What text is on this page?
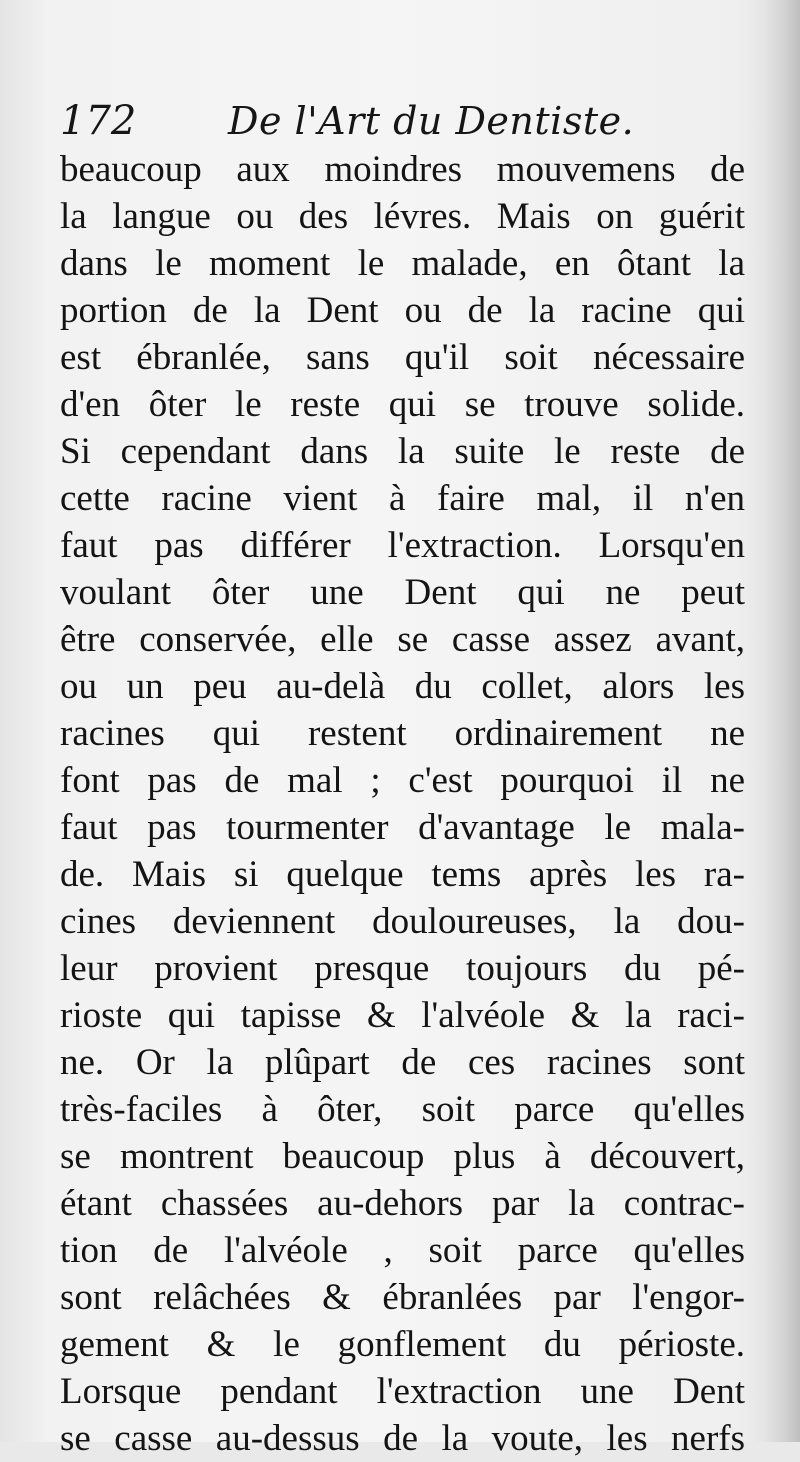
172 De l'Art du Dentiste.
beaucoup aux moindres mouvemens de
la langue ou des lévres. Mais on guérit
dans le moment le malade, en ôtant la
portion de la Dent ou de la racine qui
est ébranlée, sans qu'il soit nécessaire
d'en ôter le reste qui se trouve solide.
Si cependant dans la suite le reste de
cette racine vient à faire mal, il n'en
faut pas différer l'extraction. Lorsqu'en
voulant ôter une Dent qui ne peut
être conservée, elle se casse assez avant,
ou un peu au-delà du collet, alors les
racines qui restent ordinairement ne
font pas de mal ; c'est pourquoi il ne
faut pas tourmenter d'avantage le mala-
de. Mais si quelque tems après les ra-
cines deviennent douloureuses, la dou-
leur provient presque toujours du pé-
rioste qui tapisse & l'alvéole & la raci-
ne. Or la plûpart de ces racines sont
très-faciles à ôter, soit parce qu'elles
se montrent beaucoup plus à découvert,
étant chassées au-dehors par la contrac-
tion de l'alvéole , soit parce qu'elles
sont relâchées & ébranlées par l'engor-
gement & le gonflement du périoste.
Lorsque pendant l'extraction une Dent
se casse au-dessus de la voute, les nerfs
